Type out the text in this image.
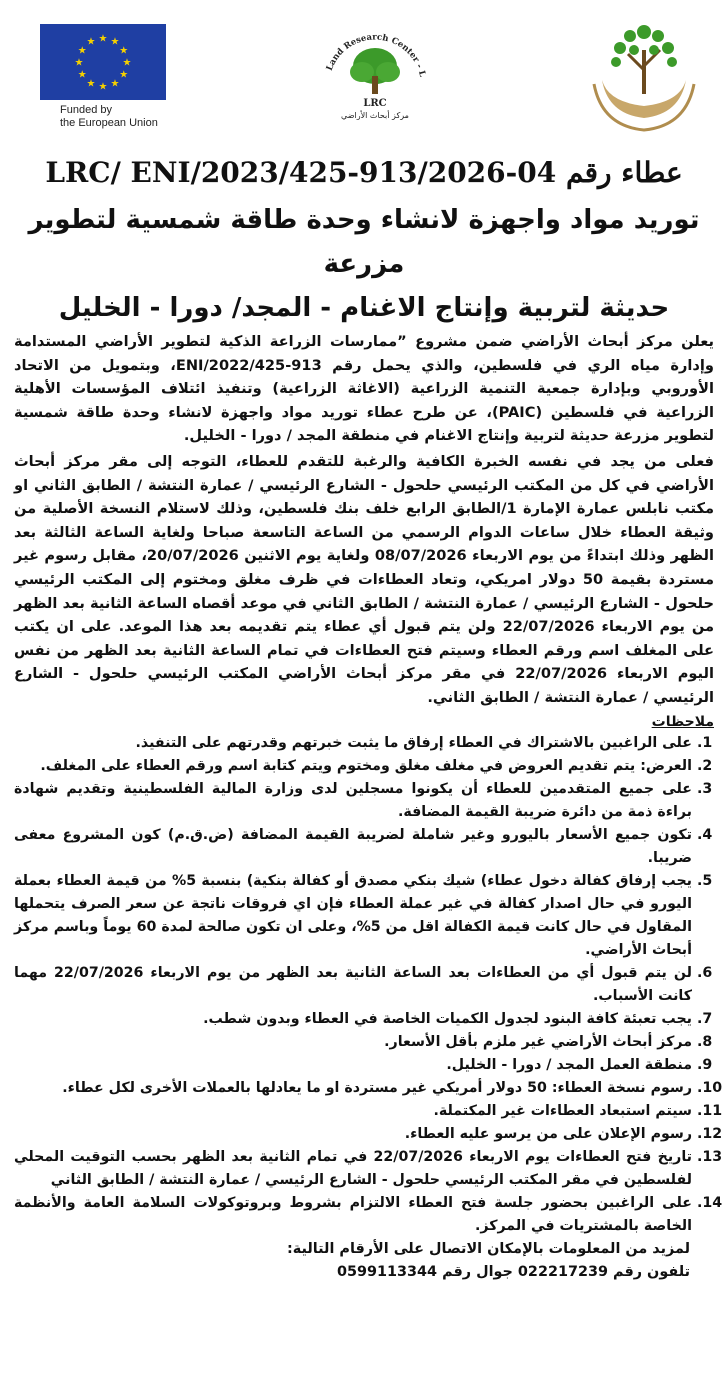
★ ★
★
★
★
★
★
★
★
★
★
★
Funded by
the European Union
Land Research Center - L
LRC
مركز أبحاث الأراضي
عطاء رقم LRC/ ENI/2023/425-913/2026-04
توريد مواد واجهزة لانشاء وحدة طاقة شمسية لتطوير مزرعة
حديثة لتربية وإنتاج الاغنام - المجد/ دورا - الخليل

يعلن مركز أبحاث الأراضي ضمن مشروع ”ممارسات الزراعة الذكية لتطوير الأراضي المستدامة وإدارة مياه الري في فلسطين، والذي يحمل رقم ENI/2022/425-913، وبتمويل من الاتحاد الأوروبي وبإدارة جمعية التنمية الزراعية (الاغاثة الزراعية) وتنفيذ ائتلاف المؤسسات الأهلية الزراعية في فلسطين (PAIC)، عن طرح عطاء توريد مواد واجهزة لانشاء وحدة طاقة شمسية لتطوير مزرعة حديثة لتربية وإنتاج الاغنام في منطقة المجد / دورا - الخليل.

فعلى من يجد في نفسه الخبرة الكافية والرغبة للتقدم للعطاء، التوجه إلى مقر مركز أبحاث الأراضي في كل من المكتب الرئيسي حلحول - الشارع الرئيسي / عمارة النتشة / الطابق الثاني او مكتب نابلس عمارة الإمارة 1/الطابق الرابع خلف بنك فلسطين، وذلك لاستلام النسخة الأصلية من وثيقة العطاء خلال ساعات الدوام الرسمي من الساعة التاسعة صباحا ولغاية الساعة الثالثة بعد الظهر وذلك ابتداءً من يوم الاربعاء 08/07/2026 ولغاية يوم الاثنين 20/07/2026، مقابل رسوم غير مستردة بقيمة 50 دولار امريكي، وتعاد العطاءات في ظرف مغلق ومختوم إلى المكتب الرئيسي حلحول - الشارع الرئيسي / عمارة النتشة / الطابق الثاني في موعد أقصاه الساعة الثانية بعد الظهر من يوم الاربعاء 22/07/2026 ولن يتم قبول أي عطاء يتم تقديمه بعد هذا الموعد. على ان يكتب على المغلف اسم ورقم العطاء وسيتم فتح العطاءات في تمام الساعة الثانية بعد الظهر من نفس اليوم الاربعاء 22/07/2026 في مقر مركز أبحاث الأراضي المكتب الرئيسي حلحول - الشارع الرئيسي / عمارة النتشة / الطابق الثاني.

ملاحظات
1. على الراغبين بالاشتراك في العطاء إرفاق ما يثبت خبرتهم وقدرتهم على التنفيذ.
2. العرض: يتم تقديم العروض في مغلف مغلق ومختوم ويتم كتابة اسم ورقم العطاء على المغلف.
3. على جميع المتقدمين للعطاء أن يكونوا مسجلين لدى وزارة المالية الفلسطينية وتقديم شهادة براءة ذمة من دائرة ضريبة القيمة المضافة.
4. تكون جميع الأسعار باليورو وغير شاملة لضريبة القيمة المضافة (ض.ق.م) كون المشروع معفى ضريبا.
5. يجب إرفاق كفالة دخول عطاء) شيك بنكي مصدق أو كفالة بنكية) بنسبة 5% من قيمة العطاء بعملة اليورو في حال اصدار كفالة في غير عملة العطاء فإن اي فروقات ناتجة عن سعر الصرف يتحملها المقاول في حال كانت قيمة الكفالة اقل من 5%، وعلى ان تكون صالحة لمدة 60 يوماً وباسم مركز أبحاث الأراضي.
6. لن يتم قبول أي من العطاءات بعد الساعة الثانية بعد الظهر من يوم الاربعاء 22/07/2026 مهما كانت الأسباب.
7. يجب تعبئة كافة البنود لجدول الكميات الخاصة في العطاء وبدون شطب.
8. مركز أبحاث الأراضي غير ملزم بأقل الأسعار.
9. منطقة العمل المجد / دورا - الخليل.
10. رسوم نسخة العطاء: 50 دولار أمريكي غير مستردة او ما يعادلها بالعملات الأخرى لكل عطاء.
11. سيتم استبعاد العطاءات غير المكتملة.
12. رسوم الإعلان على من يرسو عليه العطاء.
13. تاريخ فتح العطاءات يوم الاربعاء 22/07/2026 في تمام الثانية بعد الظهر بحسب التوقيت المحلي لفلسطين في مقر المكتب الرئيسي حلحول - الشارع الرئيسي / عمارة النتشة / الطابق الثاني
14. على الراغبين بحضور جلسة فتح العطاء الالتزام بشروط وبروتوكولات السلامة العامة والأنظمة الخاصة بالمشتريات في المركز.
لمزيد من المعلومات بالإمكان الاتصال على الأرقام التالية:
تلفون رقم 022217239 جوال رقم 0599113344
